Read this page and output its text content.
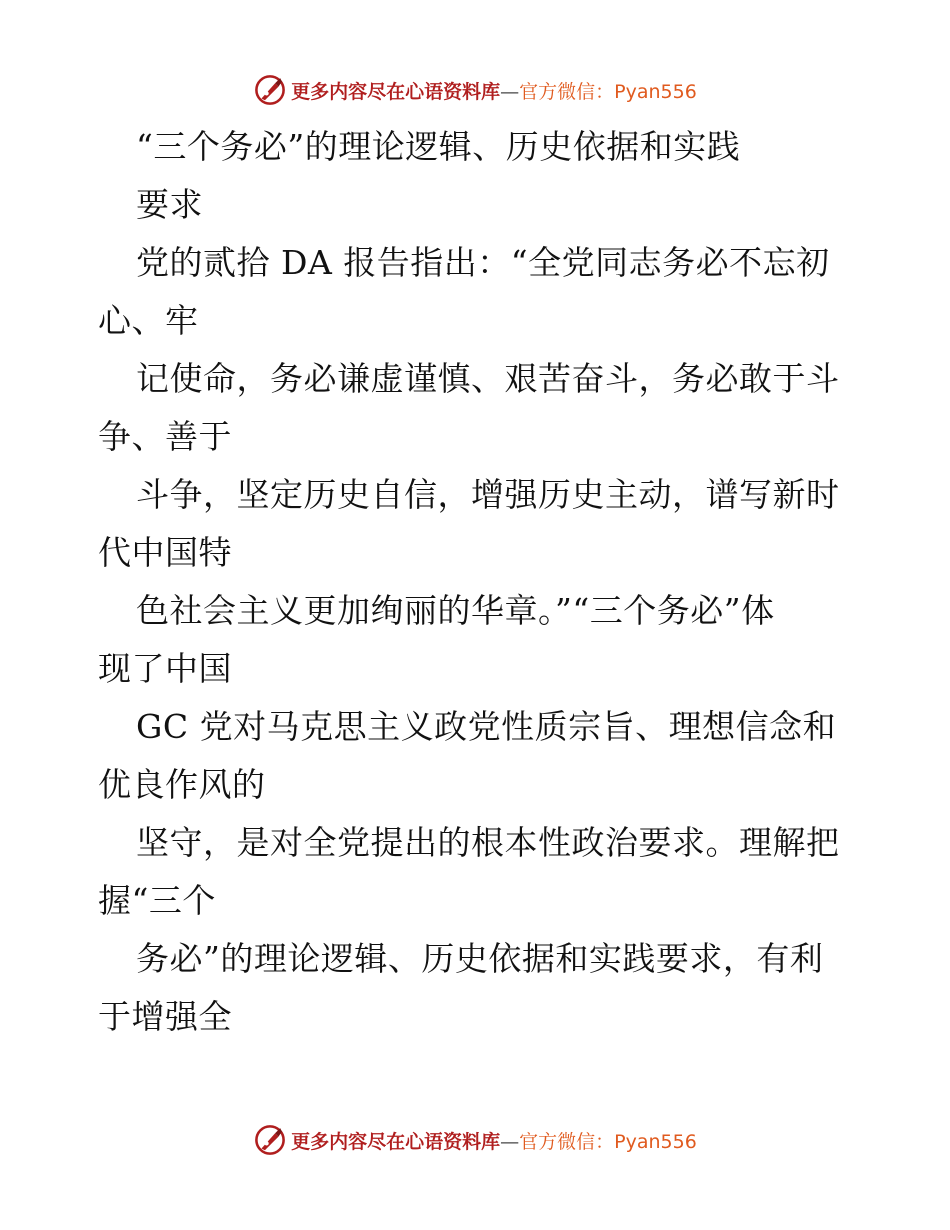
更多内容尽在心语资料库—官方微信：Pyan556
“三个务必”的理论逻辑、历史依据和实践
要求
党的贰拾 DA 报告指出：“全党同志务必不忘初
心、牢
记使命，务必谦虚谨慎、艰苦奋斗，务必敢于斗
争、善于
斗争，坚定历史自信，增强历史主动，谱写新时
代中国特
色社会主义更加绚丽的华章。”“三个务必”体
现了中国
GC 党对马克思主义政党性质宗旨、理想信念和
优良作风的
坚守，是对全党提出的根本性政治要求。理解把
握“三个
务必”的理论逻辑、历史依据和实践要求，有利
于增强全
更多内容尽在心语资料库—官方微信：Pyan556
